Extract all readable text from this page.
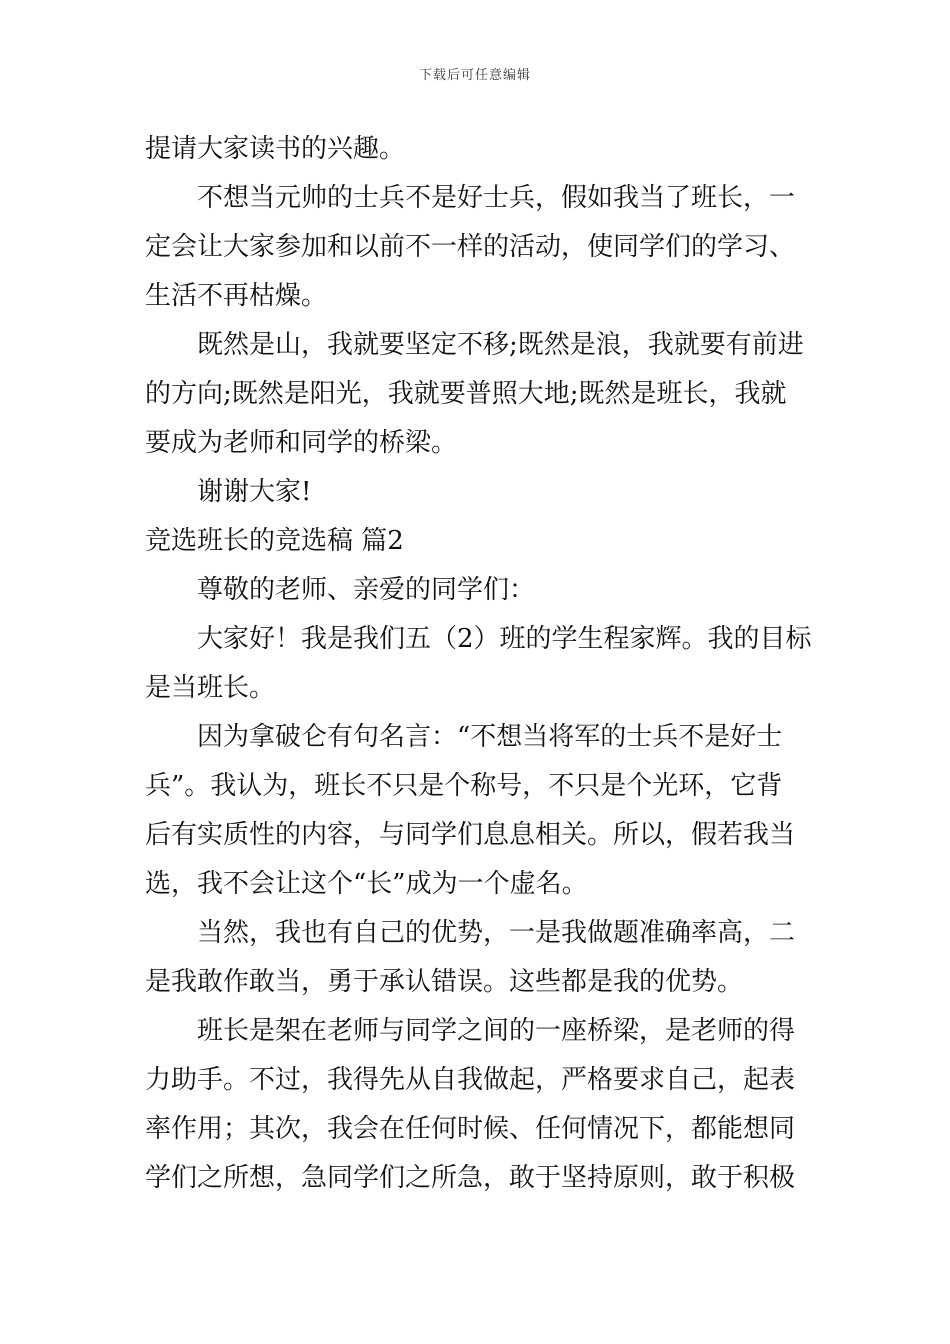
下载后可任意编辑
提请大家读书的兴趣。
不想当元帅的士兵不是好士兵，假如我当了班长，一
定会让大家参加和以前不一样的活动，使同学们的学习、
生活不再枯燥。
既然是山，我就要坚定不移;既然是浪，我就要有前进
的方向;既然是阳光，我就要普照大地;既然是班长，我就
要成为老师和同学的桥梁。
谢谢大家!
竞选班长的竞选稿 篇2
尊敬的老师、亲爱的同学们：
大家好！我是我们五（2）班的学生程家辉。我的目标
是当班长。
因为拿破仑有句名言：“不想当将军的士兵不是好士
兵”。我认为，班长不只是个称号，不只是个光环，它背
后有实质性的内容，与同学们息息相关。所以，假若我当
选，我不会让这个“长”成为一个虚名。
当然，我也有自己的优势，一是我做题准确率高，二
是我敢作敢当，勇于承认错误。这些都是我的优势。
班长是架在老师与同学之间的一座桥梁，是老师的得
力助手。不过，我得先从自我做起，严格要求自己，起表
率作用；其次，我会在任何时候、任何情况下，都能想同
学们之所想，急同学们之所急，敢于坚持原则，敢于积极
